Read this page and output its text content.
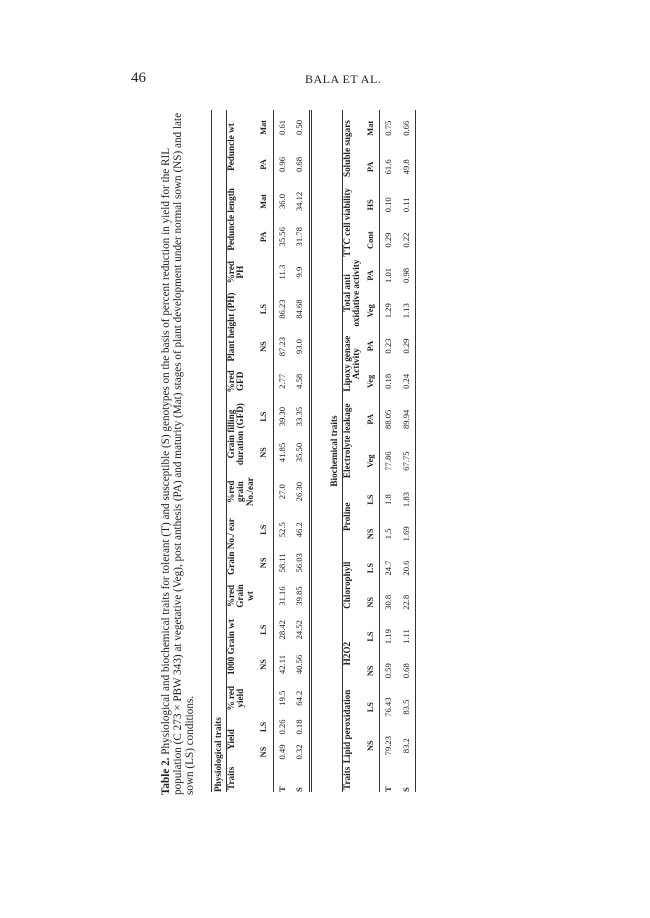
46	BALA ET AL.
Table 2. Physiological and biochemical traits for tolerant (T) and susceptible (S) genotypes on the basis of percent reduction in yield for the RIL population (C 273 × PBW 343) at vegetative (Veg), post anthesis (PA) and maturity (Mat) stages of plant development under normal sown (NS) and late sown (LS) conditions. Physiological traits																			
Traits	Yield		% red yield	1000 Grain wt		%red Grain wt	Grain No./ ear		%red grain No./ear	Grain filling duration (GFD)		%red GFD	Plant height (PH)		%red PH	Peduncle length		Peduncle wt	
	NS	LS		NS	LS		NS	LS		NS	LS		NS	LS		PA	Mat	PA	Mat
T	0.49	0.26	19.5	42.11	28.42	31.16	58.11	52.5	27.0	41.85	39.30	2.77	87.23	86.23	11.3	35.56	36.0	0.96	0.61
S	0.32	0.18	64.2	40.56	24.52	39.85	56.03	46.2	26.30	35.50	33.35	4.58	93.0	84.68	9.9	31.78	34.12	0.68	0.50
Biochemical traits																		
Traits	Lipid peroxidation		H2O2		Chlorophyll		Proline		Electrolyte leakage		Lipoxy genase Activity		Total anti oxidative activity		TTC cell viability		Soluble sugars	
	NS	LS	NS	LS	NS	LS	NS	LS	Veg	PA	Veg	PA	Veg	PA	Cont	HS	PA	Mat
T	79.23	76.43	0.59	1.19	30.8	24.7	1.5	1.8	77.86	88.05	0.18	0.23	1.29	1.01	0.29	0.10	61.6	0.75
S	83.2	83.5	0.68	1.11	22.8	20.6	1.69	1.83	67.75	89.94	0.24	0.29	1.13	0.98	0.22	0.11	49.8	0.66
